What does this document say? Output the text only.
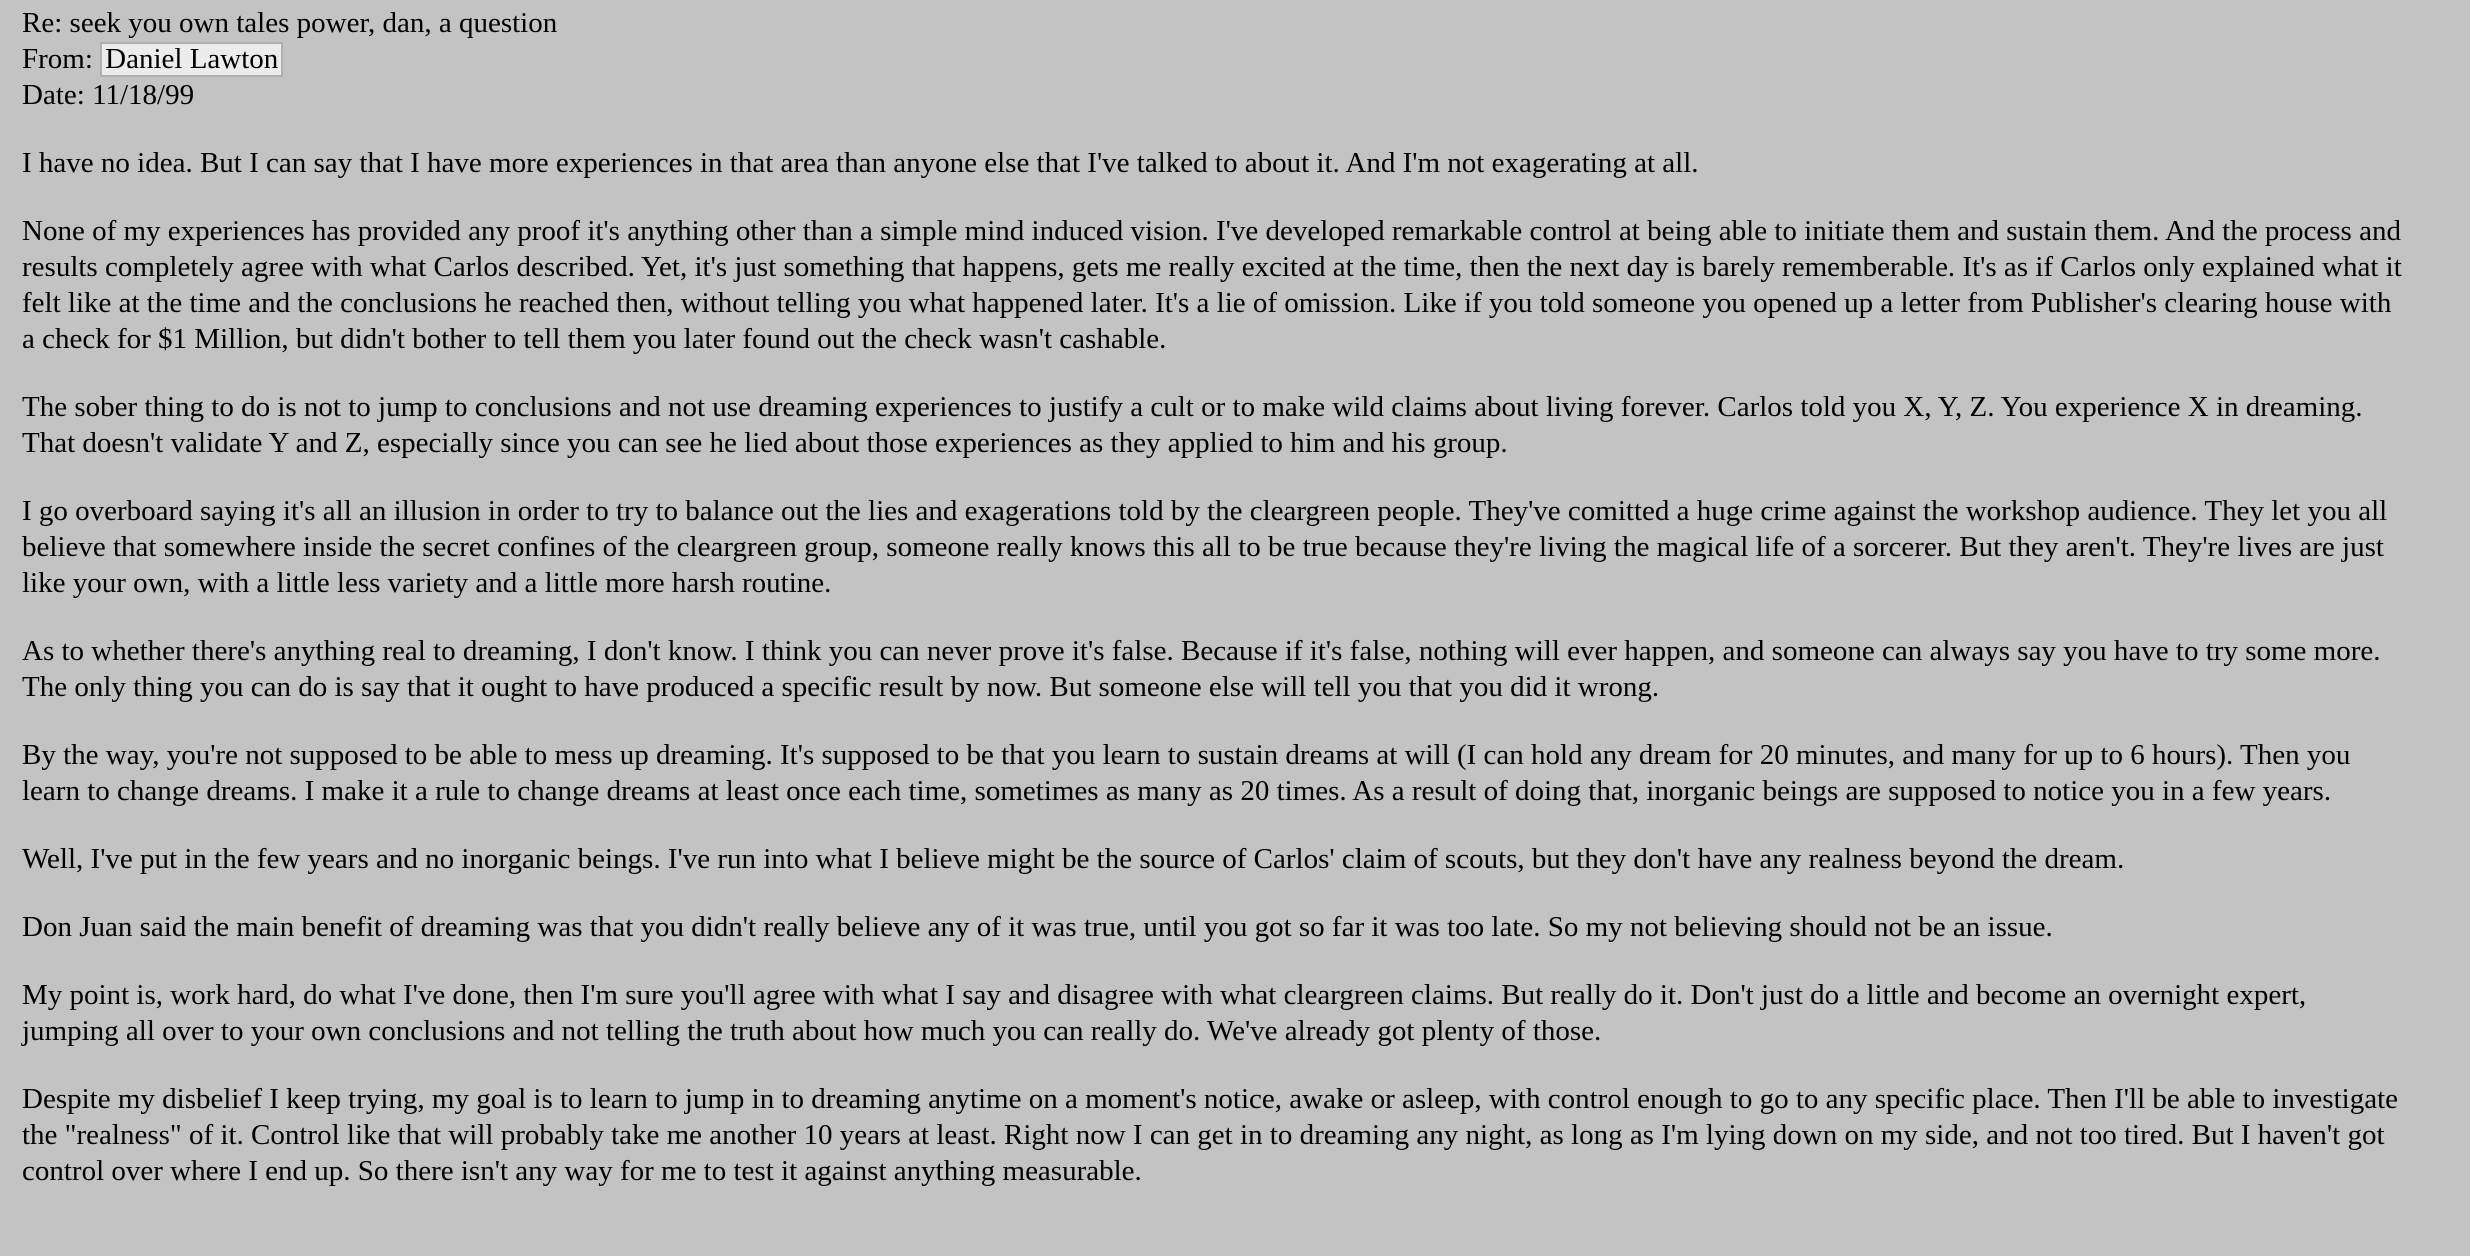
Re: seek you own tales power, dan, a question

From: Daniel Lawton

Date: 11/18/99

I have no idea. But I can say that I have more experiences in that area than anyone else that I've talked to about it. And I'm not exagerating at all.

None of my experiences has provided any proof it's anything other than a simple mind induced vision. I've developed remarkable control at being able to initiate them and sustain them. And the process and results completely agree with what Carlos described. Yet, it's just something that happens, gets me really excited at the time, then the next day is barely rememberable. It's as if Carlos only explained what it felt like at the time and the conclusions he reached then, without telling you what happened later. It's a lie of omission. Like if you told someone you opened up a letter from Publisher's clearing house with a check for $1 Million, but didn't bother to tell them you later found out the check wasn't cashable.

The sober thing to do is not to jump to conclusions and not use dreaming experiences to justify a cult or to make wild claims about living forever. Carlos told you X, Y, Z. You experience X in dreaming. That doesn't validate Y and Z, especially since you can see he lied about those experiences as they applied to him and his group.

I go overboard saying it's all an illusion in order to try to balance out the lies and exagerations told by the cleargreen people. They've comitted a huge crime against the workshop audience. They let you all believe that somewhere inside the secret confines of the cleargreen group, someone really knows this all to be true because they're living the magical life of a sorcerer. But they aren't. They're lives are just like your own, with a little less variety and a little more harsh routine.

As to whether there's anything real to dreaming, I don't know. I think you can never prove it's false. Because if it's false, nothing will ever happen, and someone can always say you have to try some more. The only thing you can do is say that it ought to have produced a specific result by now. But someone else will tell you that you did it wrong.

By the way, you're not supposed to be able to mess up dreaming. It's supposed to be that you learn to sustain dreams at will (I can hold any dream for 20 minutes, and many for up to 6 hours). Then you learn to change dreams. I make it a rule to change dreams at least once each time, sometimes as many as 20 times. As a result of doing that, inorganic beings are supposed to notice you in a few years.

Well, I've put in the few years and no inorganic beings. I've run into what I believe might be the source of Carlos' claim of scouts, but they don't have any realness beyond the dream.

Don Juan said the main benefit of dreaming was that you didn't really believe any of it was true, until you got so far it was too late. So my not believing should not be an issue.

My point is, work hard, do what I've done, then I'm sure you'll agree with what I say and disagree with what cleargreen claims. But really do it. Don't just do a little and become an overnight expert, jumping all over to your own conclusions and not telling the truth about how much you can really do. We've already got plenty of those.

Despite my disbelief I keep trying, my goal is to learn to jump in to dreaming anytime on a moment's notice, awake or asleep, with control enough to go to any specific place. Then I'll be able to investigate the "realness" of it. Control like that will probably take me another 10 years at least. Right now I can get in to dreaming any night, as long as I'm lying down on my side, and not too tired. But I haven't got control over where I end up. So there isn't any way for me to test it against anything measurable.
